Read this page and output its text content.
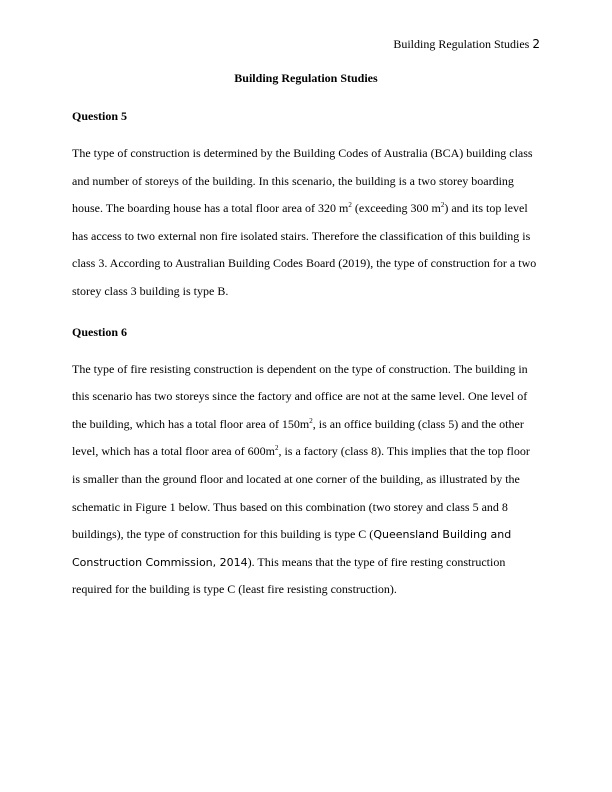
Building Regulation Studies 2
Building Regulation Studies
Question 5

The type of construction is determined by the Building Codes of Australia (BCA) building class and number of storeys of the building. In this scenario, the building is a two storey boarding house. The boarding house has a total floor area of 320 $m^2$ (exceeding 300 $m^2$) and its top level has access to two external non fire isolated stairs. Therefore the classification of this building is class 3. According to Australian Building Codes Board (2019), the type of construction for a two storey class 3 building is type B.

Question 6

The type of fire resisting construction is dependent on the type of construction. The building in this scenario has two storeys since the factory and office are not at the same level. One level of the building, which has a total floor area of $150m^2$, is an office building (class 5) and the other level, which has a total floor area of $600m^2$, is a factory (class 8). This implies that the top floor is smaller than the ground floor and located at one corner of the building, as illustrated by the schematic in Figure 1 below. Thus based on this combination (two storey and class 5 and 8 buildings), the type of construction for this building is type C (Queensland Building and Construction Commission, 2014). This means that the type of fire resting construction required for the building is type C (least fire resisting construction).
